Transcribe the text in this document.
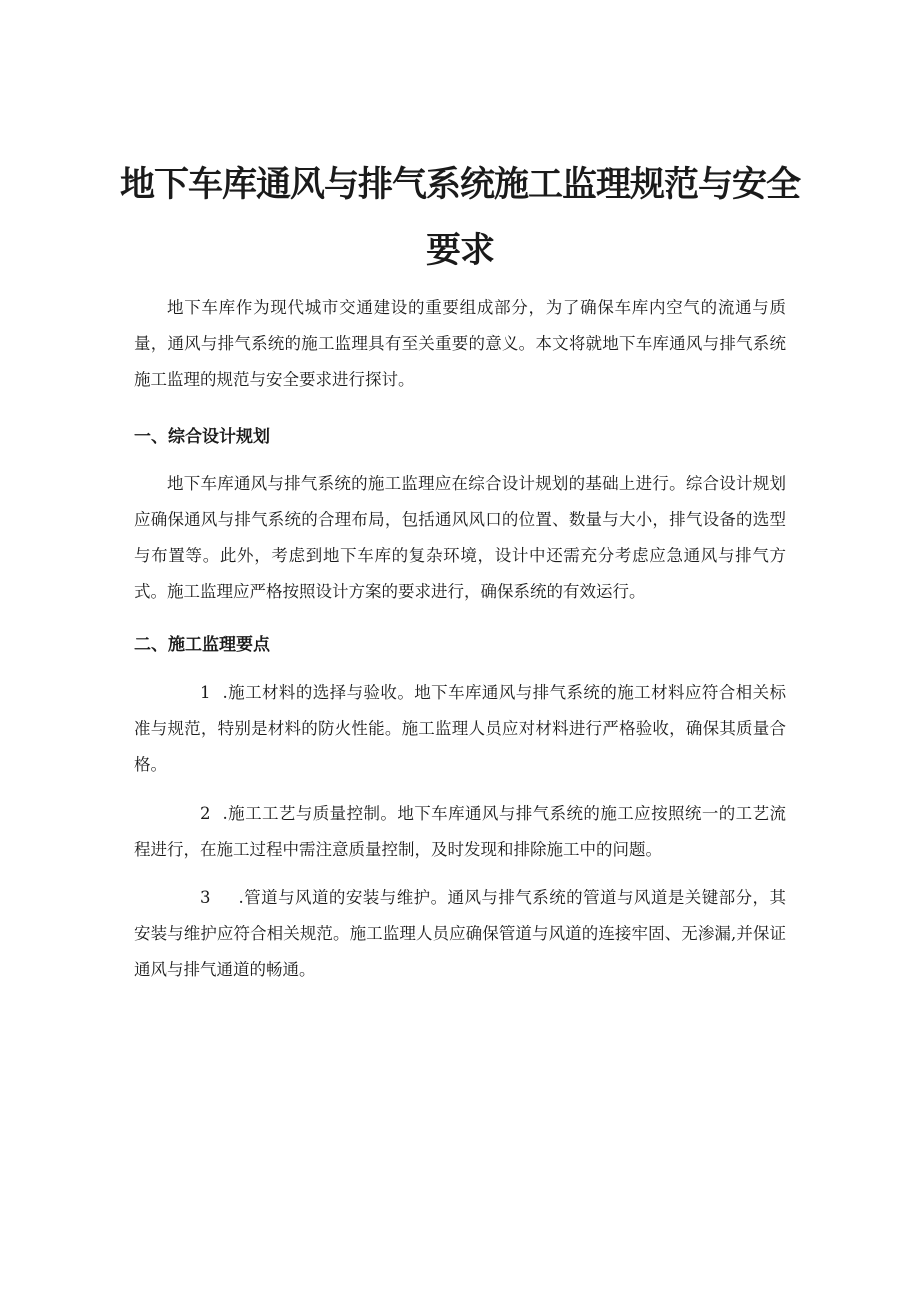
地下车库通风与排气系统施工监理规范与安全要求

地下车库作为现代城市交通建设的重要组成部分，为了确保车库内空气的流通与质量，通风与排气系统的施工监理具有至关重要的意义。本文将就地下车库通风与排气系统施工监理的规范与安全要求进行探讨。

一、综合设计规划

地下车库通风与排气系统的施工监理应在综合设计规划的基础上进行。综合设计规划应确保通风与排气系统的合理布局，包括通风风口的位置、数量与大小，排气设备的选型与布置等。此外，考虑到地下车库的复杂环境，设计中还需充分考虑应急通风与排气方式。施工监理应严格按照设计方案的要求进行，确保系统的有效运行。

二、施工监理要点

1 .施工材料的选择与验收。地下车库通风与排气系统的施工材料应符合相关标准与规范，特别是材料的防火性能。施工监理人员应对材料进行严格验收，确保其质量合格。

2 .施工工艺与质量控制。地下车库通风与排气系统的施工应按照统一的工艺流程进行，在施工过程中需注意质量控制，及时发现和排除施工中的问题。

3 .管道与风道的安装与维护。通风与排气系统的管道与风道是关键部分，其安装与维护应符合相关规范。施工监理人员应确保管道与风道的连接牢固、无渗漏,并保证通风与排气通道的畅通。
